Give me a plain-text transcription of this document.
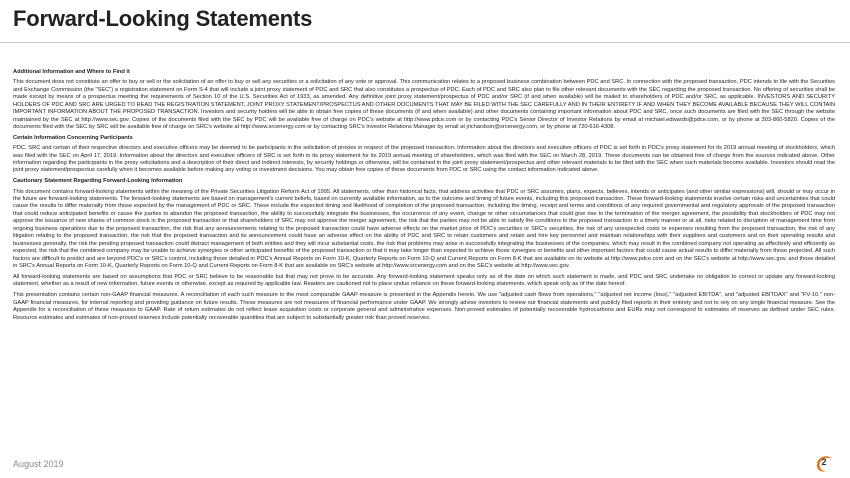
Forward-Looking Statements

Additional Information and Where to Find it

This document does not constitute an offer to buy or sell or the solicitation of an offer to buy or sell any securities or a solicitation of any vote or approval. This communication relates to a proposed business combination between PDC and SRC. In connection with the proposed transaction, PDC intends to file with the Securities and Exchange Commission (the "SEC") a registration statement on Form S-4 that will include a joint proxy statement of PDC and SRC that also constitutes a prospectus of PDC. Each of PDC and SRC also plan to file other relevant documents with the SEC regarding the proposed transaction. No offering of securities shall be made except by means of a prospectus meeting the requirements of Section 10 of the U.S. Securities Act of 1933, as amended. Any definitive joint proxy statement/prospectus of PDC and/or SRC (if and when available) will be mailed to shareholders of PDC and/or SRC, as applicable. INVESTORS AND SECURITY HOLDERS OF PDC AND SRC ARE URGED TO READ THE REGISTRATION STATEMENT, JOINT PROXY STATEMENT/PROSPECTUS AND OTHER DOCUMENTS THAT MAY BE FILED WITH THE SEC CAREFULLY AND IN THEIR ENTIRETY IF AND WHEN THEY BECOME AVAILABLE BECAUSE THEY WILL CONTAIN IMPORTANT INFORMATION ABOUT THE PROPOSED TRANSACTION. Investors and security holders will be able to obtain free copies of these documents (if and when available) and other documents containing important information about PDC and SRC, once such documents are filed with the SEC through the website maintained by the SEC at http://www.sec.gov. Copies of the documents filed with the SEC by PDC will be available free of charge on PDC's website at http://www.pdce.com or by contacting PDC's Senior Director of Investor Relations by email at michael.edwards@pdce.com, or by phone at 303-860-5820. Copies of the documents filed with the SEC by SRC will be available free of charge on SRC's website at http://www.srcenergy.com or by contacting SRC's Investor Relations Manager by email at jrichardson@srcenergy.com, or by phone at 720-616-4308.

Certain Information Concerning Participants

PDC, SRC and certain of their respective directors and executive officers may be deemed to be participants in the solicitation of proxies in respect of the proposed transaction. Information about the directors and executive officers of PDC is set forth in PDC's proxy statement for its 2019 annual meeting of stockholders, which was filed with the SEC on April 17, 2019. Information about the directors and executive officers of SRC is set forth in its proxy statement for its 2019 annual meeting of shareholders, which was filed with the SEC on March 28, 2019. These documents can be obtained free of charge from the sources indicated above. Other information regarding the participants in the proxy solicitations and a description of their direct and indirect interests, by security holdings or otherwise, will be contained in the joint proxy statement/prospectus and other relevant materials to be filed with the SEC when such materials become available. Investors should read the joint proxy statement/prospectus carefully when it becomes available before making any voting or investment decisions. You may obtain free copies of these documents from PDC or SRC using the contact information indicated above.

Cautionary Statement Regarding Forward-Looking Information

This document contains forward-looking statements within the meaning of the Private Securities Litigation Reform Act of 1995. All statements, other than historical facts, that address activities that PDC or SRC assumes, plans, expects, believes, intends or anticipates (and other similar expressions) will, should or may occur in the future are forward-looking statements. The forward-looking statements are based on management's current beliefs, based on currently available information, as to the outcome and timing of future events, including this proposed transaction. These forward-looking statements involve certain risks and uncertainties that could cause the results to differ materially from those expected by the management of PDC or SRC. These include the expected timing and likelihood of completion of the proposed transaction, including the timing, receipt and terms and conditions of any required governmental and regulatory approvals of the proposed transaction that could reduce anticipated benefits or cause the parties to abandon the proposed transaction, the ability to successfully integrate the businesses, the occurrence of any event, change or other circumstances that could give rise to the termination of the merger agreement, the possibility that stockholders of PDC may not approve the issuance of new shares of common stock in the proposed transaction or that shareholders of SRC may not approve the merger agreement, the risk that the parties may not be able to satisfy the conditions to the proposed transaction in a timely manner or at all, risks related to disruption of management time from ongoing business operations due to the proposed transaction, the risk that any announcements relating to the proposed transaction could have adverse effects on the market price of PDC's securities or SRC's securities, the risk of any unexpected costs or expenses resulting from the proposed transaction, the risk of any litigation relating to the proposed transaction, the risk that the proposed transaction and its announcement could have an adverse effect on the ability of PDC and SRC to retain customers and retain and hire key personnel and maintain relationships with their suppliers and customers and on their operating results and businesses generally, the risk the pending proposed transaction could distract management of both entities and they will incur substantial costs, the risk that problems may arise in successfully integrating the businesses of the companies, which may result in the combined company not operating as effectively and efficiently as expected, the risk that the combined company may be unable to achieve synergies or other anticipated benefits of the proposed transaction or that it may take longer than expected to achieve those synergies or benefits and other important factors that could cause actual results to differ materially from those projected. All such factors are difficult to predict and are beyond PDC's or SRC's control, including those detailed in PDC's Annual Reports on Form 10-K, Quarterly Reports on Form 10-Q and Current Reports on Form 8-K that are available on its website at http://www.pdce.com and on the SEC's website at http://www.sec.gov, and those detailed in SRC's Annual Reports on Form 10-K, Quarterly Reports on Form 10-Q and Current Reports on Form 8-K that are available on SRC's website at http://www.srcenergy.com and on the SEC's website at http://www.sec.gov.

All forward-looking statements are based on assumptions that PDC or SRC believe to be reasonable but that may not prove to be accurate. Any forward-looking statement speaks only as of the date on which such statement is made, and PDC and SRC undertake no obligation to correct or update any forward-looking statement, whether as a result of new information, future events or otherwise, except as required by applicable law. Readers are cautioned not to place undue reliance on these forward-looking statements, which speak only as of the date hereof.

This presentation contains certain non-GAAP financial measures. A reconciliation of each such measure to the most comparable GAAP measure is presented in the Appendix hereto. We use "adjusted cash flows from operations," "adjusted net income (loss)," "adjusted EBITDA", and "adjusted EBITDAX" and "FV-10," non-GAAP financial measures, for internal reporting and providing guidance on future results. These measures are not measures of financial performance under GAAP. We strongly advise investors to review our financial statements and publicly filed reports in their entirety and not to rely on any single financial measure. See the Appendix for a reconciliation of these measures to GAAP. Rate of return estimates do not reflect lease acquisition costs or corporate general and administrative expenses. Non-proved estimates of potentially recoverable hydrocarbons and EURs may not correspond to estimates of reserves as defined under SEC rules. Resource estimates and estimates of non-proved reserves include potentially recoverable quantities that are subject to substantially greater risk than proved reserves.

August 2019	2
